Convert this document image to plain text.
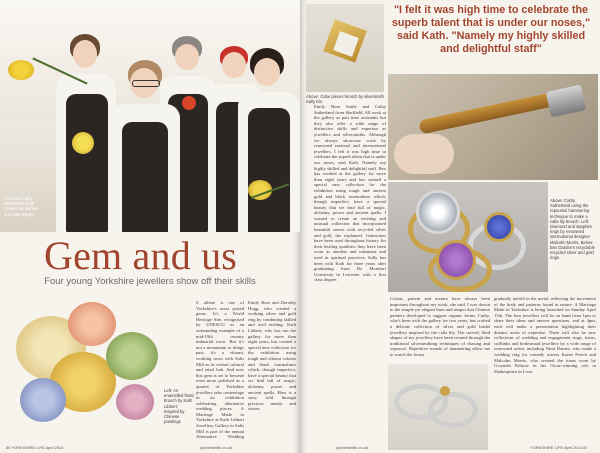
From left Cathy Sutherland Kath Libbert Nic Barlow and Kate Bryant
Gem and us
Four young Yorkshire jewellers show off their skills
Left: An enamelled floral brooch by Kath Libbert; Inspired by Chinese paintings
S alfaire is one of Yorkshire's most prized gems. It's a World Heritage Site, recognised by UNESCO as an outstanding example of a mid-19th century industrial town. But it's not a monument to things past; it's a vibrant, working town with Salts Mill as its central cultural and retail hub. And now this gem is set to become even more polished as a quartet of Yorkshire jewellers take centrestage in an exhibition celebrating alternative wedding pieces. A Marriage Made in Yorkshire at Kath Libbert Jewellery Gallery in Salts Mill is part of the annual Alternative Wedding
Emily Ross and Dorothy Hogg, who created a working silver and gold ring by combining skilled and acid etching. Kath Libbert, who has run the gallery for more than eight years, has created a special new collection for the exhibition using tough and vibrant colours and black tourmalines which, though imperfect, have a special beauty that we find full of magic, alchemy, power and ancient spells. Hers is a story told through precious metals and stones.
86 YORKSHIRE LIFE April 2014	yorkshirelife.co.uk
Above: Cube pieces brooch by silversmith Sally Eio
"I felt it was high time to celebrate the superb talent that is under our noses," said Kath. "Namely my highly skilled and delightful staff"
Emily Rose Sattle and Cathy Sutherland from Sheffield. All work at the gallery as part time assistants but they also offer a wide range of distinctive skills and expertise as jewellers and silversmiths. Although we always showcase work by renowned national and international jewellers, I felt it was high time to celebrate the superb talent that is under our noses, said Kath. Namely my highly skilled and delightful staff. Bex has worked at the gallery for more than eight years and has created a special new collection for the exhibition using tough and ancient gold and black tourmalines which, though imperfect, have a special beauty that we find full of magic, alchemy, power and ancient spells. I wanted to create an exciting and unusual collection that incorporated beautiful stones with recycled silver and gold, she explained. Gemstones have been used throughout history for their healing qualities; they have been worn as amulets and talismans and used in spiritual practices. Sally has been with Kath for three years after graduating from De Montfort University in Leicester with a first class degree.
Above: Cathy Sutherland using the repoussé hammering technique to make a calla lily brooch. Left: Diamond and sapphire rings by renowned international designer Malcolm Morris. Below: Bex Darden's recyclable recycled silver and gold rings
Colour, pattern and texture have always been important throughout my work, she said. I was drawn to the simple yet elegant lines and shapes that Chinese painters developed to suggest organic forms. Cathy, who's been with the gallery for two years, has crafted a delicate collection of silver and gold bridal jewellery inspired by the calla lily. The curved, fluid shapes of my jewellery have been created through the traditional silversmithing techniques of chasing and repoussé. Repetitive rounds of hammering allow me to watch the forms
gradually unfold in the metal, reflecting the movement of the body and patterns found in nature. A Marriage Made in Yorkshire is being launched on Sunday April 13th. The four jewellers will be on hand from 1pm to share their ideas and answer questions, and at 4pm, each will make a presentation highlighting their distinct areas of expertise. There will also be new collections of wedding and engagement rings, tiaras, cufflinks and bridesmaid jewellery by a wide range of renowned artists including Nimi Dames, who made a wedding ring for comedy actress Karen Fretch and Malcolm Morris, who created the tiaras worn by Gwyneth Paltrow in her Oscar-winning role in Shakespeare in Love.
yorkshirelife.co.uk	YORKSHIRE LIFE April 2014 87
